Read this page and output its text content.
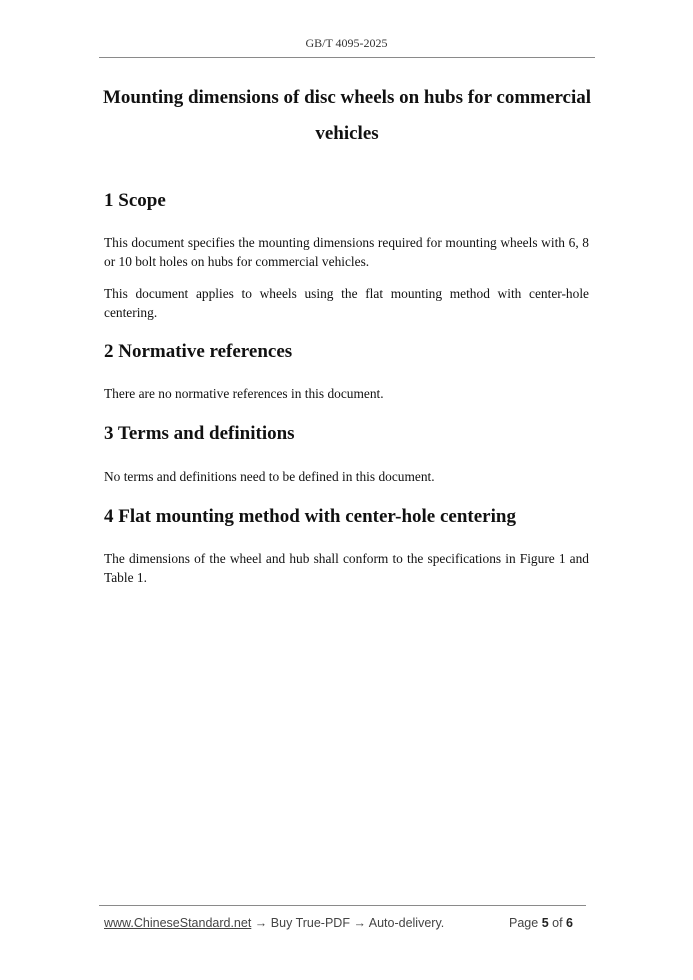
GB/T 4095-2025
Mounting dimensions of disc wheels on hubs for commercial vehicles
1 Scope

This document specifies the mounting dimensions required for mounting wheels with 6, 8 or 10 bolt holes on hubs for commercial vehicles.

This document applies to wheels using the flat mounting method with center-hole centering.

2 Normative references

There are no normative references in this document.

3 Terms and definitions

No terms and definitions need to be defined in this document.

4 Flat mounting method with center-hole centering

The dimensions of the wheel and hub shall conform to the specifications in Figure 1 and Table 1.

www.ChineseStandard.net → Buy True-PDF → Auto-delivery.	Page 5 of 6
